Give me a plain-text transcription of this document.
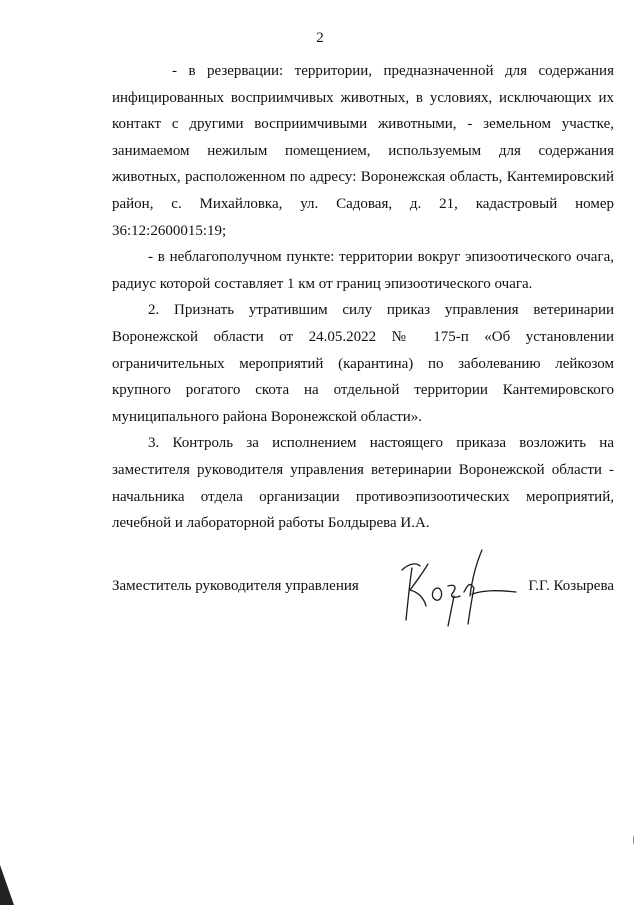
2

- в резервации: территории, предназначенной для содержания инфицированных восприимчивых животных, в условиях, исключающих их контакт с другими восприимчивыми животными, - земельном участке, занимаемом нежилым помещением, используемым для содержания животных, расположенном по адресу: Воронежская область, Кантемировский район, с. Михайловка, ул. Садовая, д. 21, кадастровый номер 36:12:2600015:19;

- в неблагополучном пункте: территории вокруг эпизоотического очага, радиус которой составляет 1 км от границ эпизоотического очага.

2. Признать утратившим силу приказ управления ветеринарии Воронежской области от 24.05.2022 № 175-п «Об установлении ограничительных мероприятий (карантина) по заболеванию лейкозом крупного рогатого скота на отдельной территории Кантемировского муниципального района Воронежской области».

3. Контроль за исполнением настоящего приказа возложить на заместителя руководителя управления ветеринарии Воронежской области - начальника отдела организации противоэпизоотических мероприятий, лечебной и лабораторной работы Болдырева И.А.

Заместитель руководителя управления	Г.Г. Козырева
